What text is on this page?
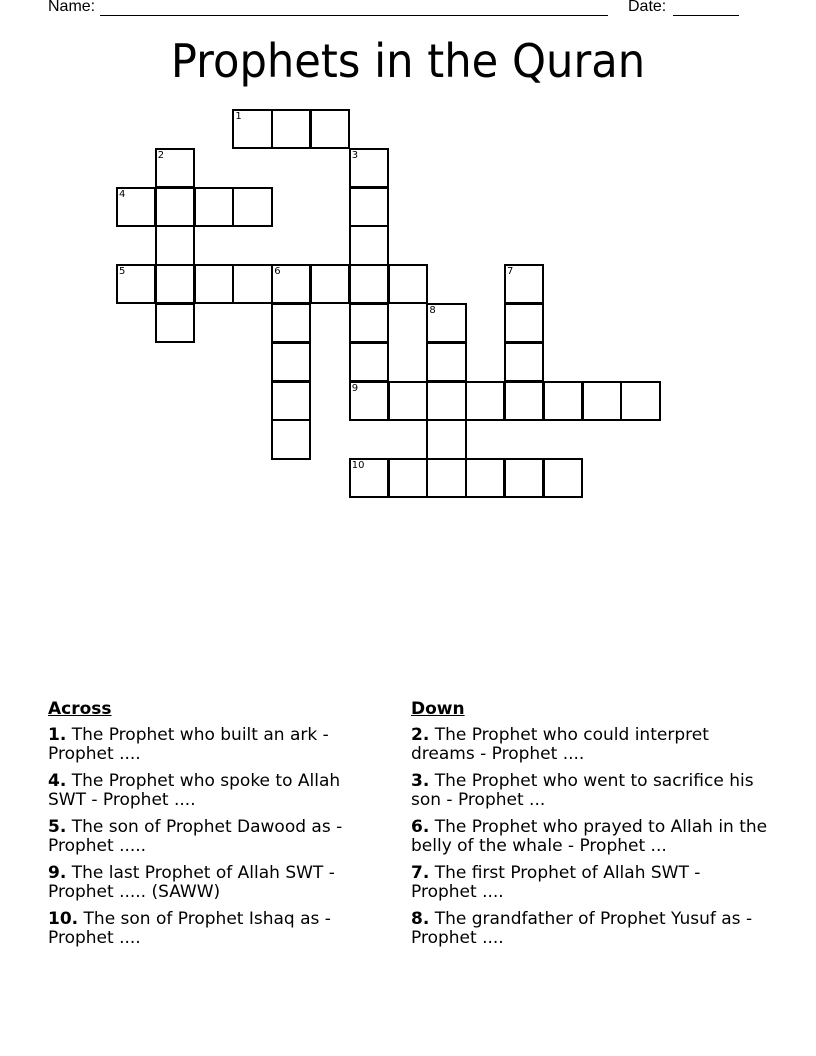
Name:	Date:
Prophets in the Quran
1
2	3
4
5	6	7
8
9
10
Across
1. The Prophet who built an ark - Prophet ....
4. The Prophet who spoke to Allah SWT - Prophet ....
5. The son of Prophet Dawood as - Prophet .....
9. The last Prophet of Allah SWT - Prophet ..... (SAWW)
10. The son of Prophet Ishaq as - Prophet ....
Down
2. The Prophet who could interpret dreams - Prophet ....
3. The Prophet who went to sacrifice his son - Prophet ...
6. The Prophet who prayed to Allah in the belly of the whale - Prophet ...
7. The first Prophet of Allah SWT - Prophet ....
8. The grandfather of Prophet Yusuf as - Prophet ....
